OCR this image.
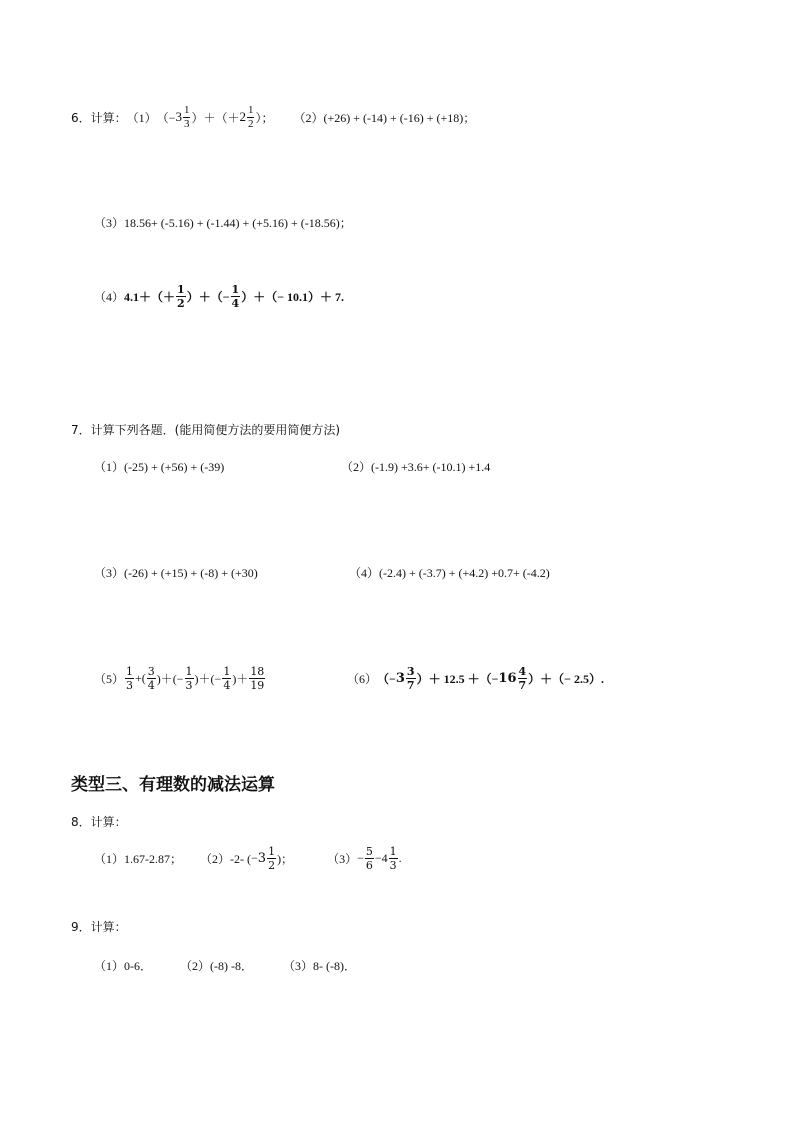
6．计算： （1） （− $3 \frac{1}{3}$ ）＋（＋ $2 \frac{1}{2}$ ）； （2）(+26) + (-14) + (-16) + (+18)；
（3）18.56+ (-5.16) + (-1.44) + (+5.16) + (-18.56)；
（4） $4.1+(+ \frac{1}{2}$ ）＋（− $\frac{1}{4}$ ）＋（− 10.1）＋ 7.
7．计算下列各题．(能用简便方法的要用简便方法)
（1）(-25) + (+56) + (-39)	（2）(-1.9) +3.6+ (-10.1) +1.4
（3）(-26) + (+15) + (-8) + (+30)	（4）(-2.4) + (-3.7) + (+4.2) +0.7+ (-4.2)
$(5) \frac{1}{3}$ +( $\frac{3}{4}$ )＋(− $\frac{1}{3}$ )＋(− $\frac{1}{4}$ )＋ $\frac{18}{19}$	（6） （− $3 \frac{3}{7}$ ）＋ 12.5 ＋（− $16 \frac{4}{7}$ ）＋（− 2.5）.
类型三、有理数的减法运算
8．计算：
（1）1.67-2.87； （2）-2- ( − $3 \frac{1}{2}$ )；	$(3) - \frac{5}{6} -4 \frac{1}{3}$ .
9．计算：
（1）0-6． （2）(-8) -8．	（3）8- (-8)．
